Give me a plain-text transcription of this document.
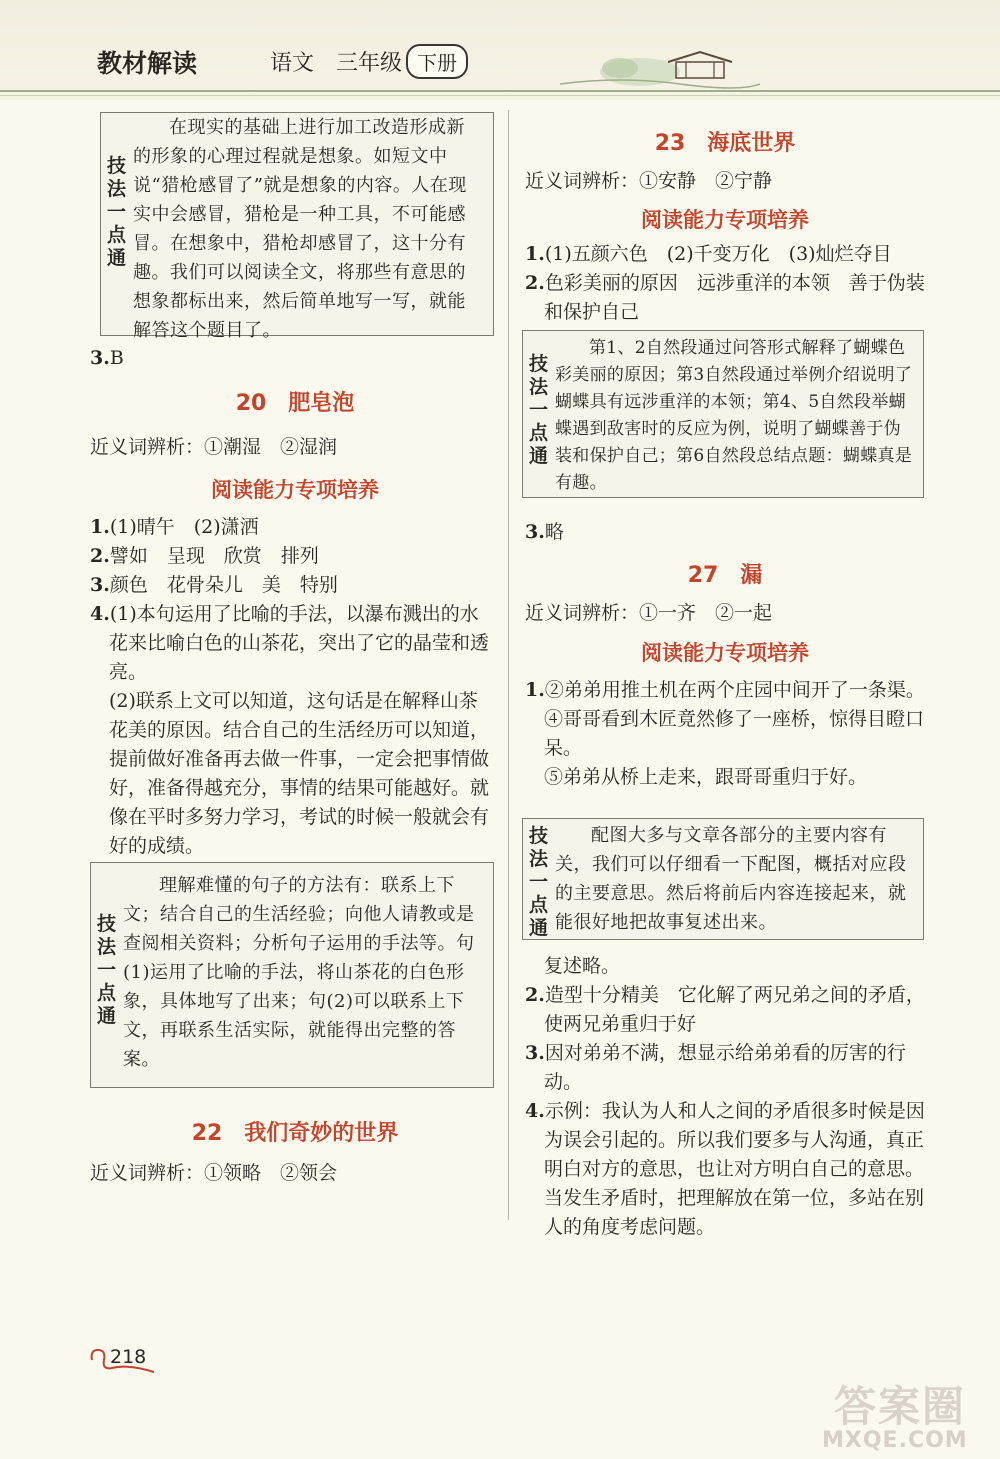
教材解读	语文 三年级 下册
技法一点通
在现实的基础上进行加工改造形成新的形象的心理过程就是想象。如短文中说“猎枪感冒了”就是想象的内容。人在现实中会感冒，猎枪是一种工具，不可能感冒。在想象中，猎枪却感冒了，这十分有趣。我们可以阅读全文，将那些有意思的想象都标出来，然后简单地写一写，就能解答这个题目了。
3.B
20　肥皂泡
近义词辨析：①潮湿　②湿润
阅读能力专项培养
1.(1)晴午　(2)潇洒
2.譬如　呈现　欣赏　排列
3.颜色　花骨朵儿　美　特别
4.(1)本句运用了比喻的手法，以瀑布溅出的水花来比喻白色的山茶花，突出了它的晶莹和透亮。
(2)联系上文可以知道，这句话是在解释山茶花美的原因。结合自己的生活经历可以知道，提前做好准备再去做一件事，一定会把事情做好，准备得越充分，事情的结果可能越好。就像在平时多努力学习，考试的时候一般就会有好的成绩。
技法一点通
理解难懂的句子的方法有：联系上下文；结合自己的生活经验；向他人请教或是查阅相关资料；分析句子运用的手法等。句(1)运用了比喻的手法，将山茶花的白色形象，具体地写了出来；句(2)可以联系上下文，再联系生活实际，就能得出完整的答案。
22　我们奇妙的世界
近义词辨析：①领略　②领会
23　海底世界
近义词辨析：①安静　②宁静
阅读能力专项培养
1.(1)五颜六色　(2)千变万化　(3)灿烂夺目
2.色彩美丽的原因　远涉重洋的本领　善于伪装和保护自己
技法一点通
第1、2自然段通过问答形式解释了蝴蝶色彩美丽的原因；第3自然段通过举例介绍说明了蝴蝶具有远涉重洋的本领；第4、5自然段举蝴蝶遇到敌害时的反应为例，说明了蝴蝶善于伪装和保护自己；第6自然段总结点题：蝴蝶真是有趣。
3.略
27　漏
近义词辨析：①一齐　②一起
阅读能力专项培养
1.②弟弟用推土机在两个庄园中间开了一条渠。
④哥哥看到木匠竟然修了一座桥，惊得目瞪口呆。
⑤弟弟从桥上走来，跟哥哥重归于好。
技法一点通
配图大多与文章各部分的主要内容有关，我们可以仔细看一下配图，概括对应段的主要意思。然后将前后内容连接起来，就能很好地把故事复述出来。
复述略。
2.造型十分精美　它化解了两兄弟之间的矛盾，使两兄弟重归于好
3.因对弟弟不满，想显示给弟弟看的厉害的行动。
4.示例：我认为人和人之间的矛盾很多时候是因为误会引起的。所以我们要多与人沟通，真正明白对方的意思，也让对方明白自己的意思。当发生矛盾时，把理解放在第一位，多站在别人的角度考虑问题。
218
答案圈
MXQE.COM
